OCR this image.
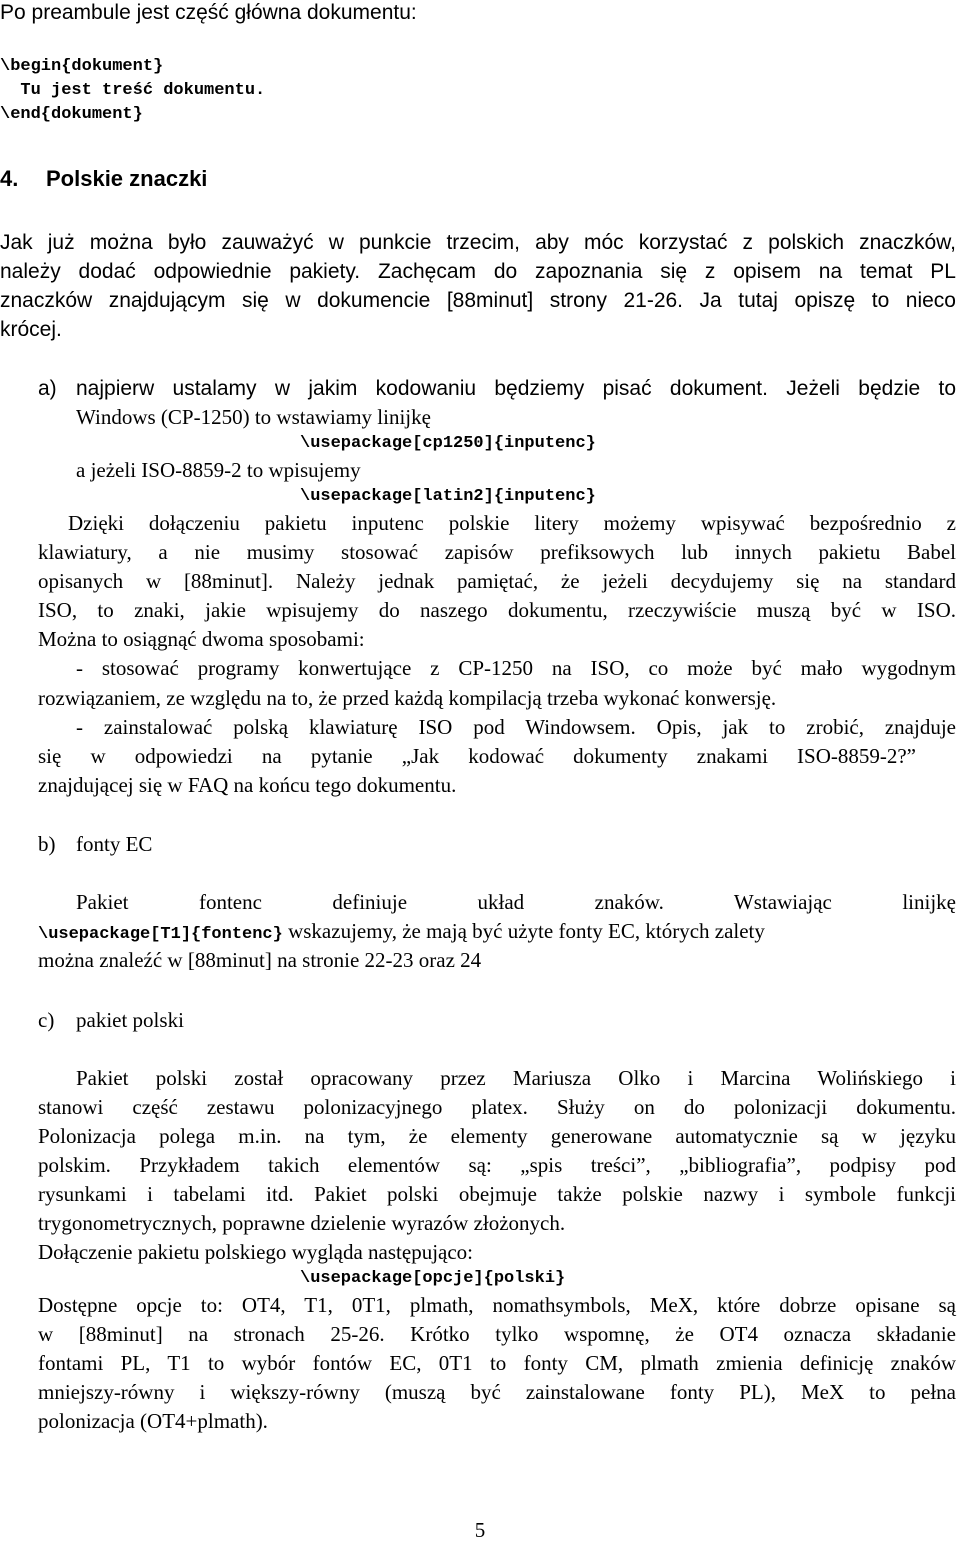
Po preambule jest część główna dokumentu:
\begin{dokument}
Tu jest treść dokumentu.
\end{dokument}
4. Polskie znaczki
Jak już można było zauważyć w punkcie trzecim, aby móc korzystać z polskich znaczków,
należy dodać odpowiednie pakiety. Zachęcam do zapoznania się z opisem na temat PL
znaczków znajdującym się w dokumencie [88minut] strony 21-26. Ja tutaj opiszę to nieco
krócej.
a) najpierw ustalamy w jakim kodowaniu będziemy pisać dokument. Jeżeli będzie to
Windows (CP-1250) to wstawiamy linijkę
\usepackage[cp1250]{inputenc}
a jeżeli ISO-8859-2 to wpisujemy
\usepackage[latin2]{inputenc}
Dzięki dołączeniu pakietu inputenc polskie litery możemy wpisywać bezpośrednio z
klawiatury, a nie musimy stosować zapisów prefiksowych lub innych pakietu Babel
opisanych w [88minut]. Należy jednak pamiętać, że jeżeli decydujemy się na standard
ISO, to znaki, jakie wpisujemy do naszego dokumentu, rzeczywiście muszą być w ISO.
Można to osiągnąć dwoma sposobami:
- stosować programy konwertujące z CP-1250 na ISO, co może być mało wygodnym
rozwiązaniem, ze względu na to, że przed każdą kompilacją trzeba wykonać konwersję.
- zainstalować polską klawiaturę ISO pod Windowsem. Opis, jak to zrobić, znajduje
się w odpowiedzi na pytanie „Jak kodować dokumenty znakami ISO-8859-2?”
znajdującej się w FAQ na końcu tego dokumentu.
b) fonty EC
Pakiet fontenc definiuje układ znaków. Wstawiając linijkę
\usepackage[T1]{fontenc} wskazujemy, że mają być użyte fonty EC, których zalety
można znaleźć w [88minut] na stronie 22-23 oraz 24
c) pakiet polski
Pakiet polski został opracowany przez Mariusza Olko i Marcina Wolińskiego i
stanowi część zestawu polonizacyjnego platex. Służy on do polonizacji dokumentu.
Polonizacja polega m.in. na tym, że elementy generowane automatycznie są w języku
polskim. Przykładem takich elementów są: „spis treści”, „bibliografia”, podpisy pod
rysunkami i tabelami itd. Pakiet polski obejmuje także polskie nazwy i symbole funkcji
trygonometrycznych, poprawne dzielenie wyrazów złożonych.
Dołączenie pakietu polskiego wygląda następująco:
\usepackage[opcje]{polski}
Dostępne opcje to: OT4, T1, 0T1, plmath, nomathsymbols, MeX, które dobrze opisane są
w [88minut] na stronach 25-26. Krótko tylko wspomnę, że OT4 oznacza składanie
fontami PL, T1 to wybór fontów EC, 0T1 to fonty CM, plmath zmienia definicję znaków
mniejszy-równy i większy-równy (muszą być zainstalowane fonty PL), MeX to pełna
polonizacja (OT4+plmath).
5
